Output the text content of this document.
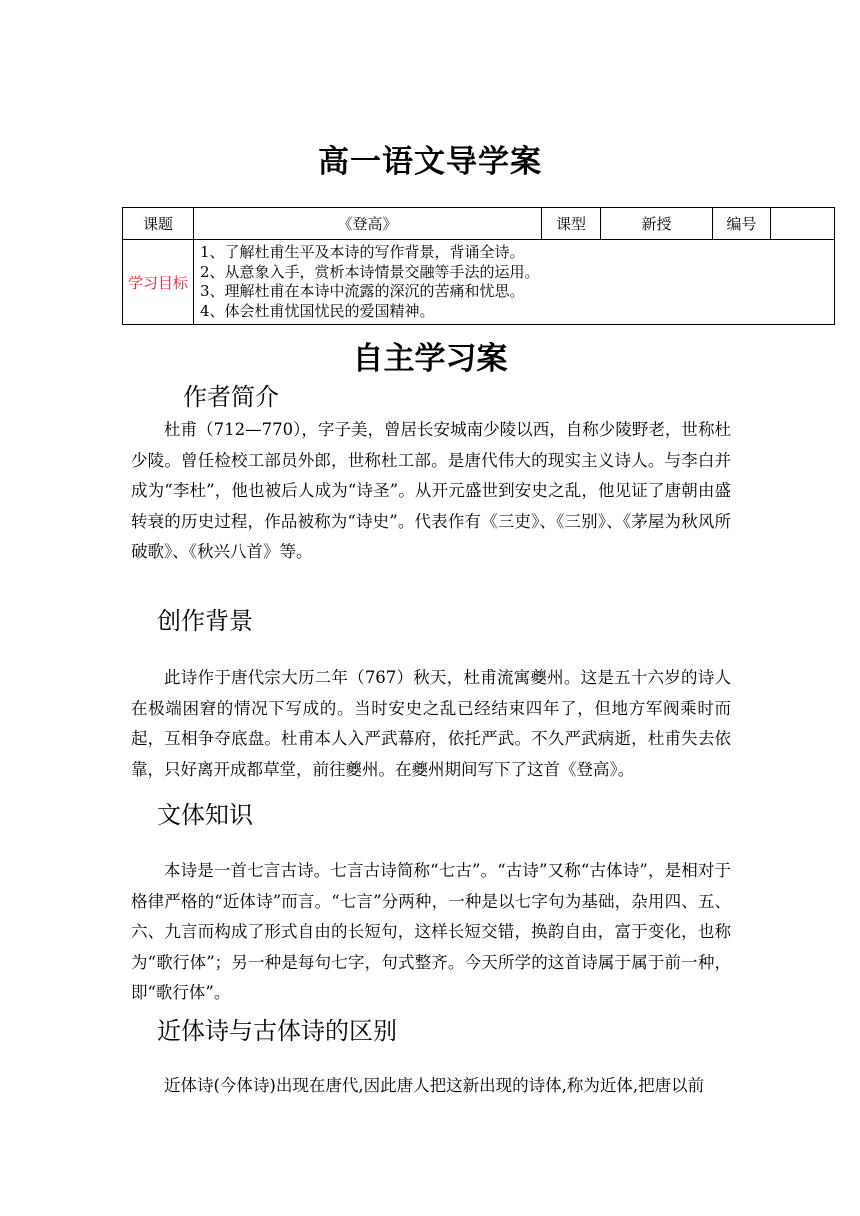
高一语文导学案
课题	《登高》	课型	新授	编号	
学习目标	1、了解杜甫生平及本诗的写作背景，背诵全诗。
2、从意象入手，赏析本诗情景交融等手法的运用。
3、理解杜甫在本诗中流露的深沉的苦痛和忧思。
4、体会杜甫忧国忧民的爱国精神。				
自主学习案
作者简介
杜甫（712—770），字子美，曾居长安城南少陵以西，自称少陵野老，世称杜少陵。曾任检校工部员外郎，世称杜工部。是唐代伟大的现实主义诗人。与李白并成为“李杜”，他也被后人成为“诗圣”。从开元盛世到安史之乱，他见证了唐朝由盛转衰的历史过程，作品被称为“诗史”。代表作有《三吏》、《三别》、《茅屋为秋风所破歌》、《秋兴八首》等。
创作背景
此诗作于唐代宗大历二年（767）秋天，杜甫流寓夔州。这是五十六岁的诗人在极端困窘的情况下写成的。当时安史之乱已经结束四年了，但地方军阀乘时而起，互相争夺底盘。杜甫本人入严武幕府，依托严武。不久严武病逝，杜甫失去依靠，只好离开成都草堂，前往夔州。在夔州期间写下了这首《登高》。
文体知识
本诗是一首七言古诗。七言古诗简称“七古”。“古诗”又称“古体诗”，是相对于格律严格的“近体诗”而言。“七言”分两种，一种是以七字句为基础，杂用四、五、六、九言而构成了形式自由的长短句，这样长短交错，换韵自由，富于变化，也称为“歌行体”；另一种是每句七字，句式整齐。今天所学的这首诗属于属于前一种，即“歌行体”。
近体诗与古体诗的区别
近体诗(今体诗)出现在唐代,因此唐人把这新出现的诗体,称为近体,把唐以前
